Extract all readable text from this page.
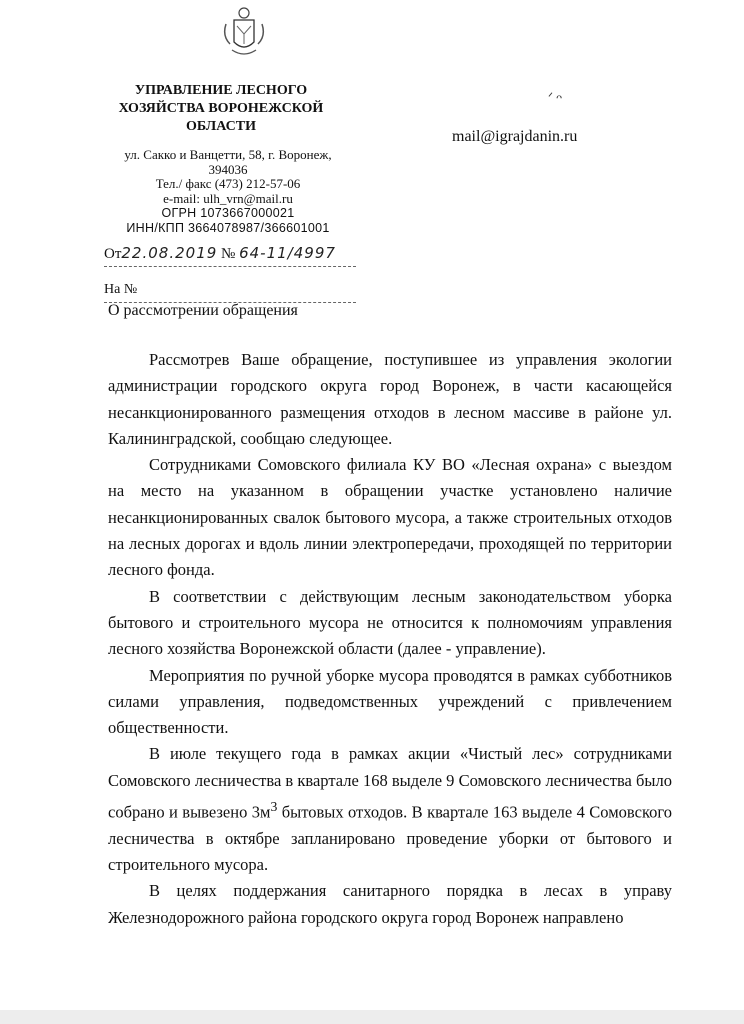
УПРАВЛЕНИЕ ЛЕСНОГО
ХОЗЯЙСТВА ВОРОНЕЖСКОЙ
ОБЛАСТИ
ул. Сакко и Ванцетти, 58, г. Воронеж,
394036
Тел./ факс (473) 212-57-06
e-mail: ulh_vrn@mail.ru
ОГРН 1073667000021
ИНН/КПП 3664078987/366601001
От22.08.2019 № 64-11/4997
На №
О рассмотрении обращения
ᐟ ᴖ
mail@igrajdanin.ru

Рассмотрев Ваше обращение, поступившее из управления экологии администрации городского округа город Воронеж, в части касающейся несанкционированного размещения отходов в лесном массиве в районе ул. Калининградской, сообщаю следующее.

Сотрудниками Сомовского филиала КУ ВО «Лесная охрана» с выездом на место на указанном в обращении участке установлено наличие несанкционированных свалок бытового мусора, а также строительных отходов на лесных дорогах и вдоль линии электропередачи, проходящей по территории лесного фонда.

В соответствии с действующим лесным законодательством уборка бытового и строительного мусора не относится к полномочиям управления лесного хозяйства Воронежской области (далее - управление).

Мероприятия по ручной уборке мусора проводятся в рамках субботников силами управления, подведомственных учреждений с привлечением общественности.

В июле текущего года в рамках акции «Чистый лес» сотрудниками Сомовского лесничества в квартале 168 выделе 9 Сомовского лесничества было собрано и вывезено $3м^3$ бытовых отходов. В квартале 163 выделе 4 Сомовского лесничества в октябре запланировано проведение уборки от бытового и строительного мусора.

В целях поддержания санитарного порядка в лесах в управу Железнодорожного района городского округа город Воронеж направлено
